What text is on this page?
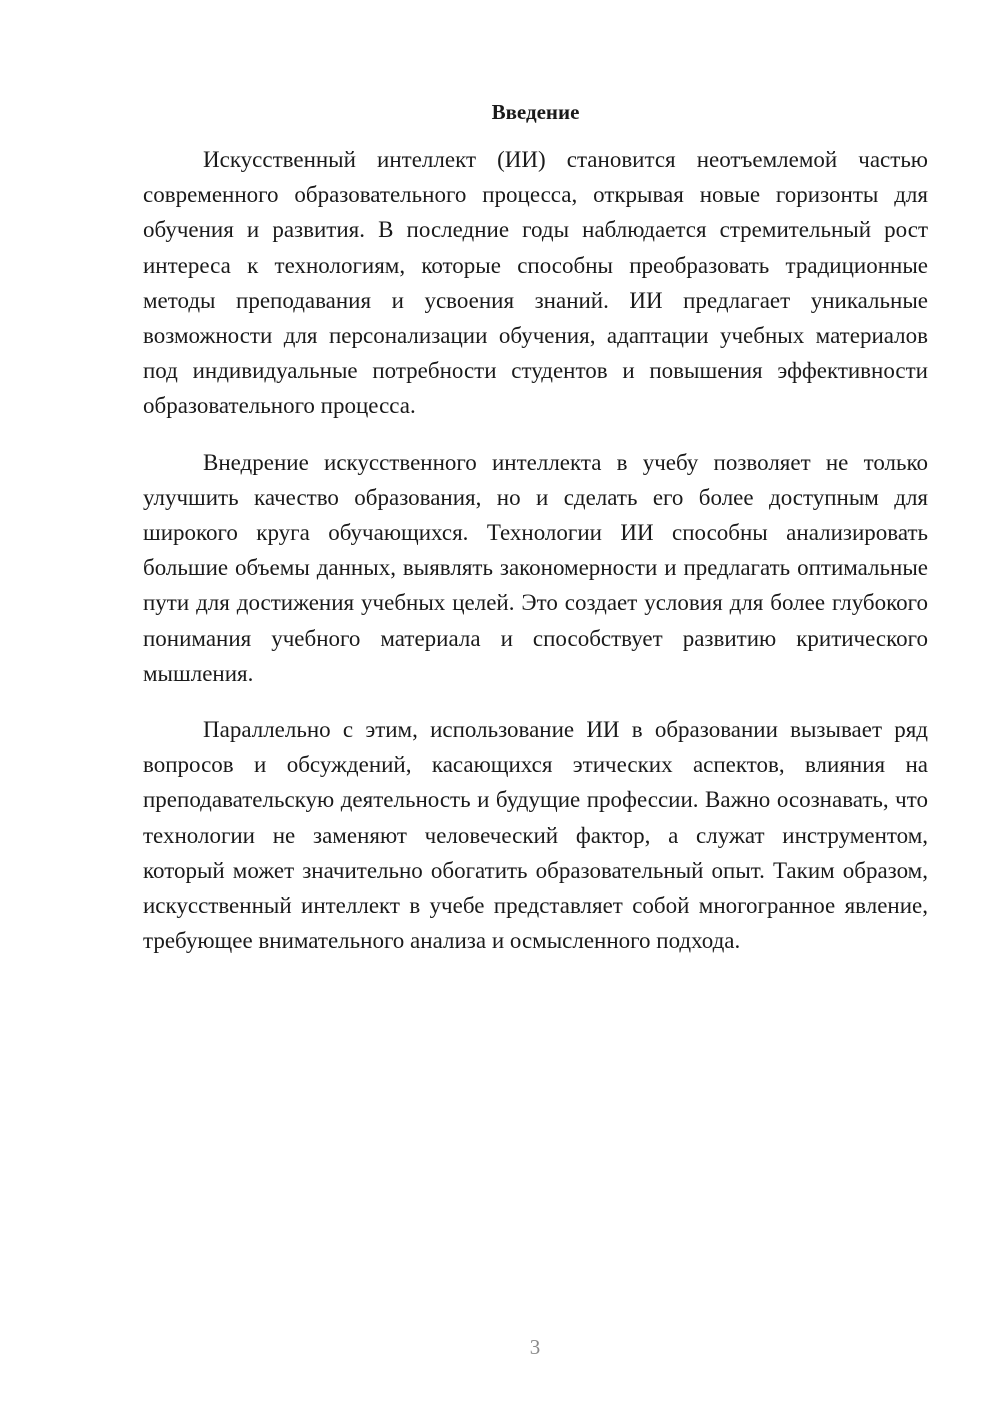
Введение

Искусственный интеллект (ИИ) становится неотъемлемой частью современного образовательного процесса, открывая новые горизонты для обучения и развития. В последние годы наблюдается стремительный рост интереса к технологиям, которые способны преобразовать традиционные методы преподавания и усвоения знаний. ИИ предлагает уникальные возможности для персонализации обучения, адаптации учебных материалов под индивидуальные потребности студентов и повышения эффективности образовательного процесса.

Внедрение искусственного интеллекта в учебу позволяет не только улучшить качество образования, но и сделать его более доступным для широкого круга обучающихся. Технологии ИИ способны анализировать большие объемы данных, выявлять закономерности и предлагать оптимальные пути для достижения учебных целей. Это создает условия для более глубокого понимания учебного материала и способствует развитию критического мышления.

Параллельно с этим, использование ИИ в образовании вызывает ряд вопросов и обсуждений, касающихся этических аспектов, влияния на преподавательскую деятельность и будущие профессии. Важно осознавать, что технологии не заменяют человеческий фактор, а служат инструментом, который может значительно обогатить образовательный опыт. Таким образом, искусственный интеллект в учебе представляет собой многогранное явление, требующее внимательного анализа и осмысленного подхода.

3
